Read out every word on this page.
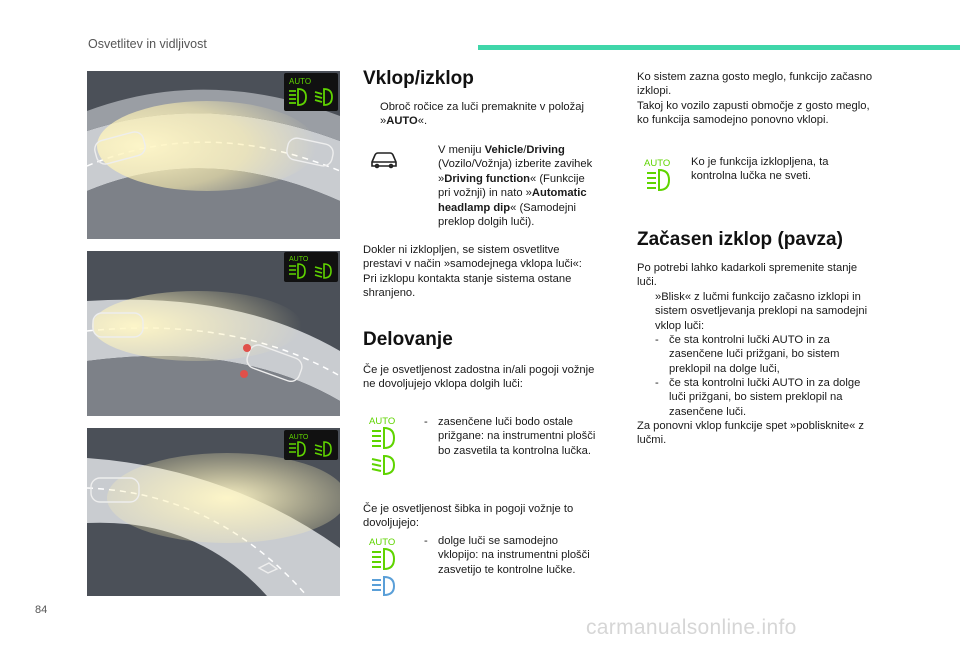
Osvetlitev in vidljivost
AUTO
AUTO
AUTO
Vklop/izklop
Obroč ročice za luči premaknite v položaj
»AUTO«.
V meniju Vehicle/Driving
(Vozilo/Vožnja) izberite zavihek
»Driving function« (Funkcije
pri vožnji) in nato »Automatic
headlamp dip« (Samodejni
preklop dolgih luči).
Dokler ni izklopljen, se sistem osvetlitve
prestavi v način »samodejnega vklopa luči«:
Pri izklopu kontakta stanje sistema ostane
shranjeno.
Delovanje
Če je osvetljenost zadostna in/ali pogoji vožnje
ne dovoljujejo vklopa dolgih luči:
AUTO	- zasenčene luči bodo ostale
prižgane: na instrumentni plošči
bo zasvetila ta kontrolna lučka.
Če je osvetljenost šibka in pogoji vožnje to
dovoljujejo:
AUTO	- dolge luči se samodejno
vklopijo: na instrumentni plošči
zasvetijo te kontrolne lučke.
Ko sistem zazna gosto meglo, funkcijo začasno
izklopi.
Takoj ko vozilo zapusti območje z gosto meglo,
ko funkcija samodejno ponovno vklopi.
AUTO Ko je funkcija izklopljena, ta
kontrolna lučka ne sveti.
Začasen izklop (pavza)
Po potrebi lahko kadarkoli spremenite stanje
luči.
»Blisk« z lučmi funkcijo začasno izklopi in
sistem osvetljevanja preklopi na samodejni
vklop luči:
- če sta kontrolni lučki AUTO in za
zasenčene luči prižgani, bo sistem
preklopil na dolge luči,
- če sta kontrolni lučki AUTO in za dolge
luči prižgani, bo sistem preklopil na
zasenčene luči.
Za ponovni vklop funkcije spet »poblisknite« z
lučmi.
84
carmanualsonline.info
